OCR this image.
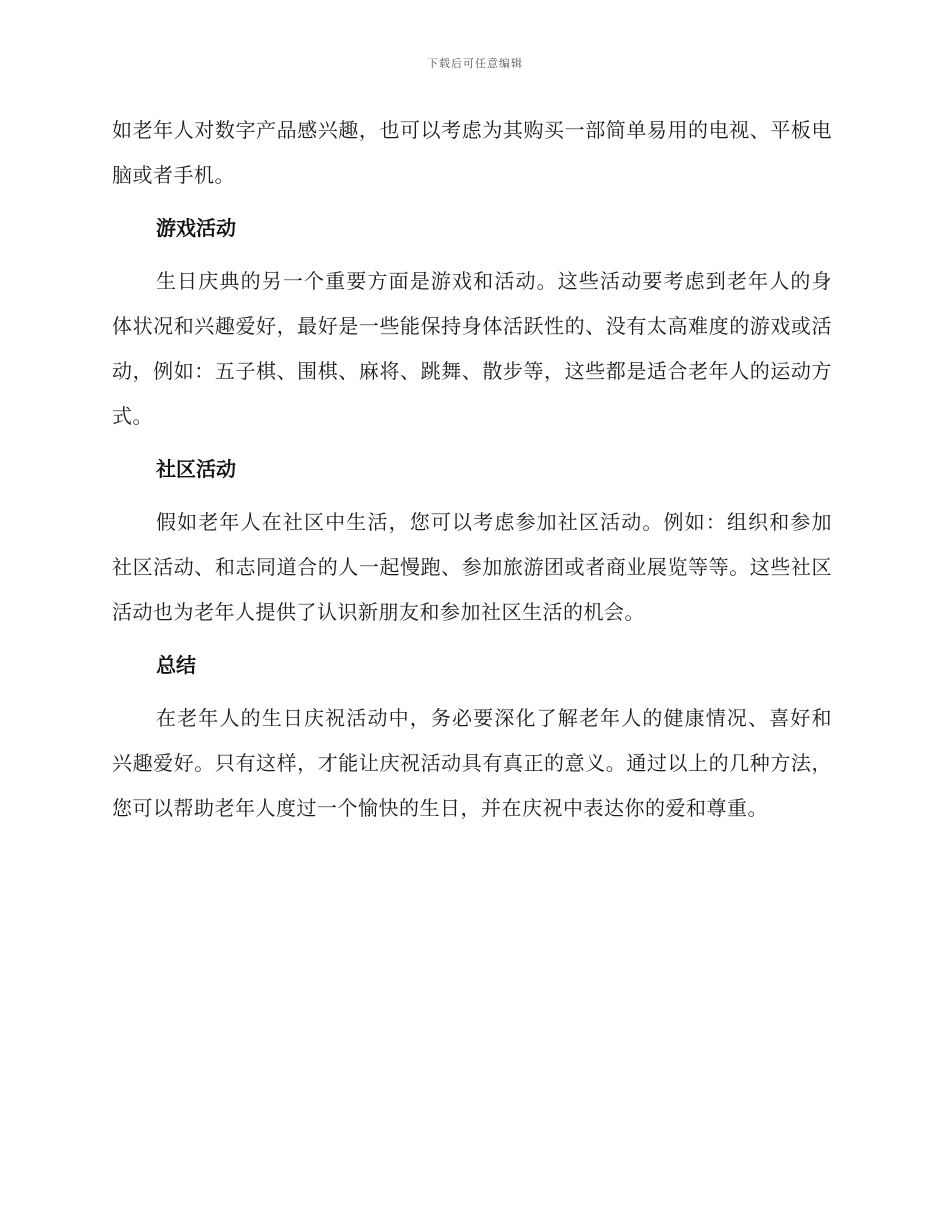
下载后可任意编辑

如老年人对数字产品感兴趣，也可以考虑为其购买一部简单易用的电视、平板电脑或者手机。

游戏活动

生日庆典的另一个重要方面是游戏和活动。这些活动要考虑到老年人的身体状况和兴趣爱好，最好是一些能保持身体活跃性的、没有太高难度的游戏或活动，例如：五子棋、围棋、麻将、跳舞、散步等，这些都是适合老年人的运动方式。

社区活动

假如老年人在社区中生活，您可以考虑参加社区活动。例如：组织和参加社区活动、和志同道合的人一起慢跑、参加旅游团或者商业展览等等。这些社区活动也为老年人提供了认识新朋友和参加社区生活的机会。

总结

在老年人的生日庆祝活动中，务必要深化了解老年人的健康情况、喜好和兴趣爱好。只有这样，才能让庆祝活动具有真正的意义。通过以上的几种方法，您可以帮助老年人度过一个愉快的生日，并在庆祝中表达你的爱和尊重。
